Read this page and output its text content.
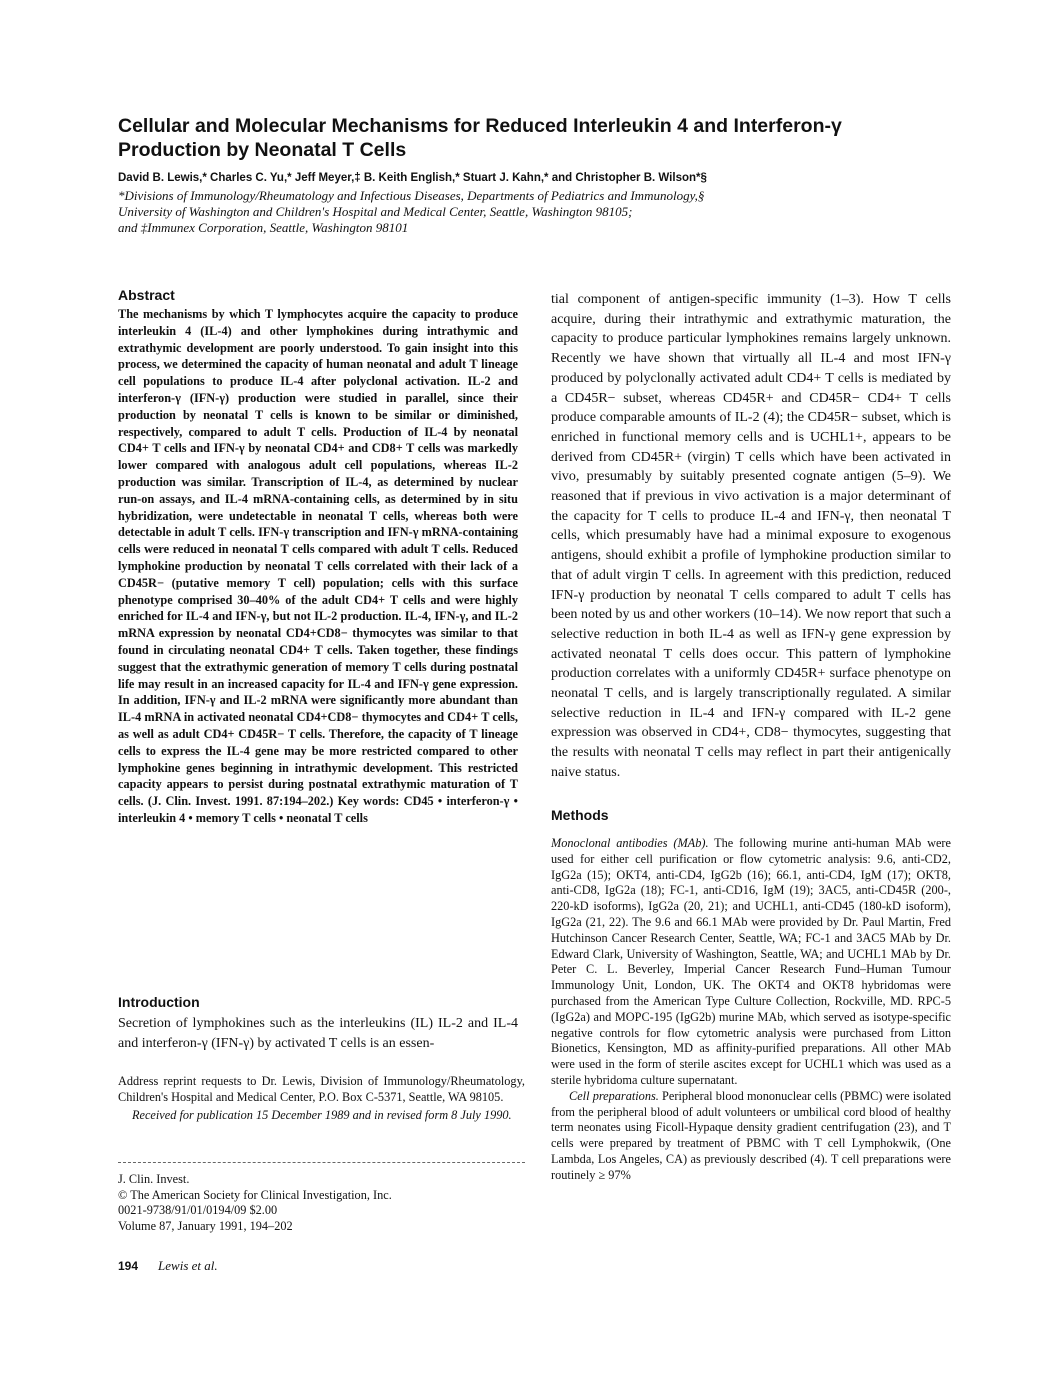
Cellular and Molecular Mechanisms for Reduced Interleukin 4 and Interferon-γ Production by Neonatal T Cells

David B. Lewis,* Charles C. Yu,* Jeff Meyer,‡ B. Keith English,* Stuart J. Kahn,* and Christopher B. Wilson*§

*Divisions of Immunology/Rheumatology and Infectious Diseases, Departments of Pediatrics and Immunology,§
University of Washington and Children's Hospital and Medical Center, Seattle, Washington 98105;
and ‡Immunex Corporation, Seattle, Washington 98101
Abstract

The mechanisms by which T lymphocytes acquire the capacity to produce interleukin 4 (IL-4) and other lymphokines during intrathymic and extrathymic development are poorly understood. To gain insight into this process, we determined the capacity of human neonatal and adult T lineage cell populations to produce IL-4 after polyclonal activation. IL-2 and interferon-γ (IFN-γ) production were studied in parallel, since their production by neonatal T cells is known to be similar or diminished, respectively, compared to adult T cells. Production of IL-4 by neonatal CD4+ T cells and IFN-γ by neonatal CD4+ and CD8+ T cells was markedly lower compared with analogous adult cell populations, whereas IL-2 production was similar. Transcription of IL-4, as determined by nuclear run-on assays, and IL-4 mRNA-containing cells, as determined by in situ hybridization, were undetectable in neonatal T cells, whereas both were detectable in adult T cells. IFN-γ transcription and IFN-γ mRNA-containing cells were reduced in neonatal T cells compared with adult T cells. Reduced lymphokine production by neonatal T cells correlated with their lack of a CD45R− (putative memory T cell) population; cells with this surface phenotype comprised 30–40% of the adult CD4+ T cells and were highly enriched for IL-4 and IFN-γ, but not IL-2 production. IL-4, IFN-γ, and IL-2 mRNA expression by neonatal CD4+CD8− thymocytes was similar to that found in circulating neonatal CD4+ T cells. Taken together, these findings suggest that the extrathymic generation of memory T cells during postnatal life may result in an increased capacity for IL-4 and IFN-γ gene expression. In addition, IFN-γ and IL-2 mRNA were significantly more abundant than IL-4 mRNA in activated neonatal CD4+CD8− thymocytes and CD4+ T cells, as well as adult CD4+ CD45R− T cells. Therefore, the capacity of T lineage cells to express the IL-4 gene may be more restricted compared to other lymphokine genes beginning in intrathymic development. This restricted capacity appears to persist during postnatal extrathymic maturation of T cells. (J. Clin. Invest. 1991. 87:194–202.) Key words: CD45 • interferon-γ • interleukin 4 • memory T cells • neonatal T cells

Introduction

Secretion of lymphokines such as the interleukins (IL) IL-2 and IL-4 and interferon-γ (IFN-γ) by activated T cells is an essen-

Address reprint requests to Dr. Lewis, Division of Immunology/Rheumatology, Children's Hospital and Medical Center, P.O. Box C-5371, Seattle, WA 98105.

Received for publication 15 December 1989 and in revised form 8 July 1990.

J. Clin. Invest.
© The American Society for Clinical Investigation, Inc.
0021-9738/91/01/0194/09 $2.00
Volume 87, January 1991, 194–202
194 Lewis et al.

tial component of antigen-specific immunity (1–3). How T cells acquire, during their intrathymic and extrathymic maturation, the capacity to produce particular lymphokines remains largely unknown. Recently we have shown that virtually all IL-4 and most IFN-γ produced by polyclonally activated adult CD4+ T cells is mediated by a CD45R− subset, whereas CD45R+ and CD45R− CD4+ T cells produce comparable amounts of IL-2 (4); the CD45R− subset, which is enriched in functional memory cells and is UCHL1+, appears to be derived from CD45R+ (virgin) T cells which have been activated in vivo, presumably by suitably presented cognate antigen (5–9). We reasoned that if previous in vivo activation is a major determinant of the capacity for T cells to produce IL-4 and IFN-γ, then neonatal T cells, which presumably have had a minimal exposure to exogenous antigens, should exhibit a profile of lymphokine production similar to that of adult virgin T cells. In agreement with this prediction, reduced IFN-γ production by neonatal T cells compared to adult T cells has been noted by us and other workers (10–14). We now report that such a selective reduction in both IL-4 as well as IFN-γ gene expression by activated neonatal T cells does occur. This pattern of lymphokine production correlates with a uniformly CD45R+ surface phenotype on neonatal T cells, and is largely transcriptionally regulated. A similar selective reduction in IL-4 and IFN-γ compared with IL-2 gene expression was observed in CD4+, CD8− thymocytes, suggesting that the results with neonatal T cells may reflect in part their antigenically naive status.

Methods

Monoclonal antibodies (MAb). The following murine anti-human MAb were used for either cell purification or flow cytometric analysis: 9.6, anti-CD2, IgG2a (15); OKT4, anti-CD4, IgG2b (16); 66.1, anti-CD4, IgM (17); OKT8, anti-CD8, IgG2a (18); FC-1, anti-CD16, IgM (19); 3AC5, anti-CD45R (200-, 220-kD isoforms), IgG2a (20, 21); and UCHL1, anti-CD45 (180-kD isoform), IgG2a (21, 22). The 9.6 and 66.1 MAb were provided by Dr. Paul Martin, Fred Hutchinson Cancer Research Center, Seattle, WA; FC-1 and 3AC5 MAb by Dr. Edward Clark, University of Washington, Seattle, WA; and UCHL1 MAb by Dr. Peter C. L. Beverley, Imperial Cancer Research Fund–Human Tumour Immunology Unit, London, UK. The OKT4 and OKT8 hybridomas were purchased from the American Type Culture Collection, Rockville, MD. RPC-5 (IgG2a) and MOPC-195 (IgG2b) murine MAb, which served as isotype-specific negative controls for flow cytometric analysis were purchased from Litton Bionetics, Kensington, MD as affinity-purified preparations. All other MAb were used in the form of sterile ascites except for UCHL1 which was used as a sterile hybridoma culture supernatant.

Cell preparations. Peripheral blood mononuclear cells (PBMC) were isolated from the peripheral blood of adult volunteers or umbilical cord blood of healthy term neonates using Ficoll-Hypaque density gradient centrifugation (23), and T cells were prepared by treatment of PBMC with T cell Lymphokwik, (One Lambda, Los Angeles, CA) as previously described (4). T cell preparations were routinely ≥ 97%
